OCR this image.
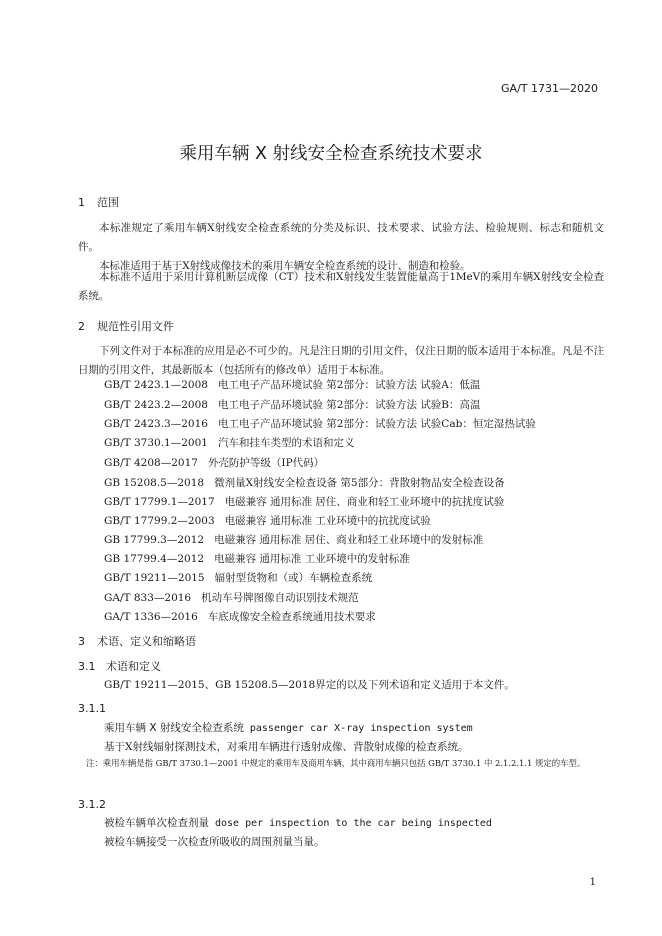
GA/T 1731—2020
乘用车辆 X 射线安全检查系统技术要求
1 范围
本标准规定了乘用车辆X射线安全检查系统的分类及标识、技术要求、试验方法、检验规则、标志和随机文件。
本标准适用于基于X射线成像技术的乘用车辆安全检查系统的设计、制造和检验。
本标准不适用于采用计算机断层成像（CT）技术和X射线发生装置能量高于1MeV的乘用车辆X射线安全检查系统。
2 规范性引用文件
下列文件对于本标准的应用是必不可少的。凡是注日期的引用文件，仅注日期的版本适用于本标准。凡是不注日期的引用文件，其最新版本（包括所有的修改单）适用于本标准。
GB/T 2423.1—2008 电工电子产品环境试验 第2部分：试验方法 试验A：低温
GB/T 2423.2—2008 电工电子产品环境试验 第2部分：试验方法 试验B：高温
GB/T 2423.3—2016 电工电子产品环境试验 第2部分：试验方法 试验Cab：恒定湿热试验
GB/T 3730.1—2001 汽车和挂车类型的术语和定义
GB/T 4208—2017 外壳防护等级（IP代码）
GB 15208.5—2018 微剂量X射线安全检查设备 第5部分：背散射物品安全检查设备
GB/T 17799.1—2017 电磁兼容 通用标准 居住、商业和轻工业环境中的抗扰度试验
GB/T 17799.2—2003 电磁兼容 通用标准 工业环境中的抗扰度试验
GB 17799.3—2012 电磁兼容 通用标准 居住、商业和轻工业环境中的发射标准
GB 17799.4—2012 电磁兼容 通用标准 工业环境中的发射标准
GB/T 19211—2015 辐射型货物和（或）车辆检查系统
GA/T 833—2016 机动车号牌图像自动识别技术规范
GA/T 1336—2016 车底成像安全检查系统通用技术要求
3 术语、定义和缩略语
3.1 术语和定义
GB/T 19211—2015、GB 15208.5—2018界定的以及下列术语和定义适用于本文件。
3.1.1
乘用车辆 X 射线安全检查系统 passenger car X-ray inspection system
基于X射线辐射探测技术，对乘用车辆进行透射成像、背散射成像的检查系统。
注：乘用车辆是指 GB/T 3730.1—2001 中规定的乘用车及商用车辆，其中商用车辆只包括 GB/T 3730.1 中 2.1.2.1.1 规定的车型。
3.1.2
被检车辆单次检查剂量 dose per inspection to the car being inspected
被检车辆接受一次检查所吸收的周围剂量当量。
1
